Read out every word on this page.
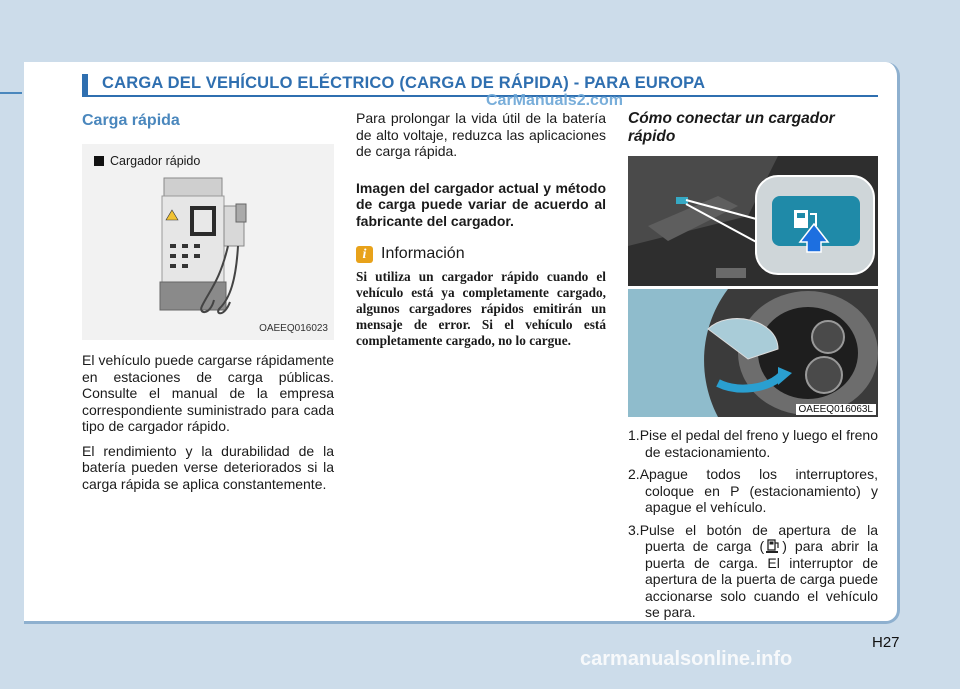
CARGA DEL VEHÍCULO ELÉCTRICO (CARGA DE RÁPIDA) - PARA EUROPA
CarManuals2.com
Carga rápida
Cargador rápido
OAEEQ016023

El vehículo puede cargarse rápidamente en estaciones de carga públicas. Consulte el manual de la empresa correspondiente suministrado para cada tipo de cargador rápido.

El rendimiento y la durabilidad de la batería pueden verse deteriorados si la carga rápida se aplica constantemente.

Para prolongar la vida útil de la batería de alto voltaje, reduzca las aplicaciones de carga rápida.

Imagen del cargador actual y método de carga puede variar de acuerdo al fabricante del cargador.

i Información

Si utiliza un cargador rápido cuando el vehículo está ya completamente cargado, algunos cargadores rápidos emitirán un mensaje de error. Si el vehículo está completamente cargado, no lo cargue.

Cómo conectar un cargador rápido
OAEEQ016063L
1.Pise el pedal del freno y luego el freno de estacionamiento.
2.Apague todos los interruptores, coloque en P (estacionamiento) y apague el vehículo.
3.Pulse el botón de apertura de la puerta de carga ( ) para abrir la puerta de carga. El interruptor de apertura de la puerta de carga puede accionarse solo cuando el vehículo se para.
H27
carmanualsonline.info
